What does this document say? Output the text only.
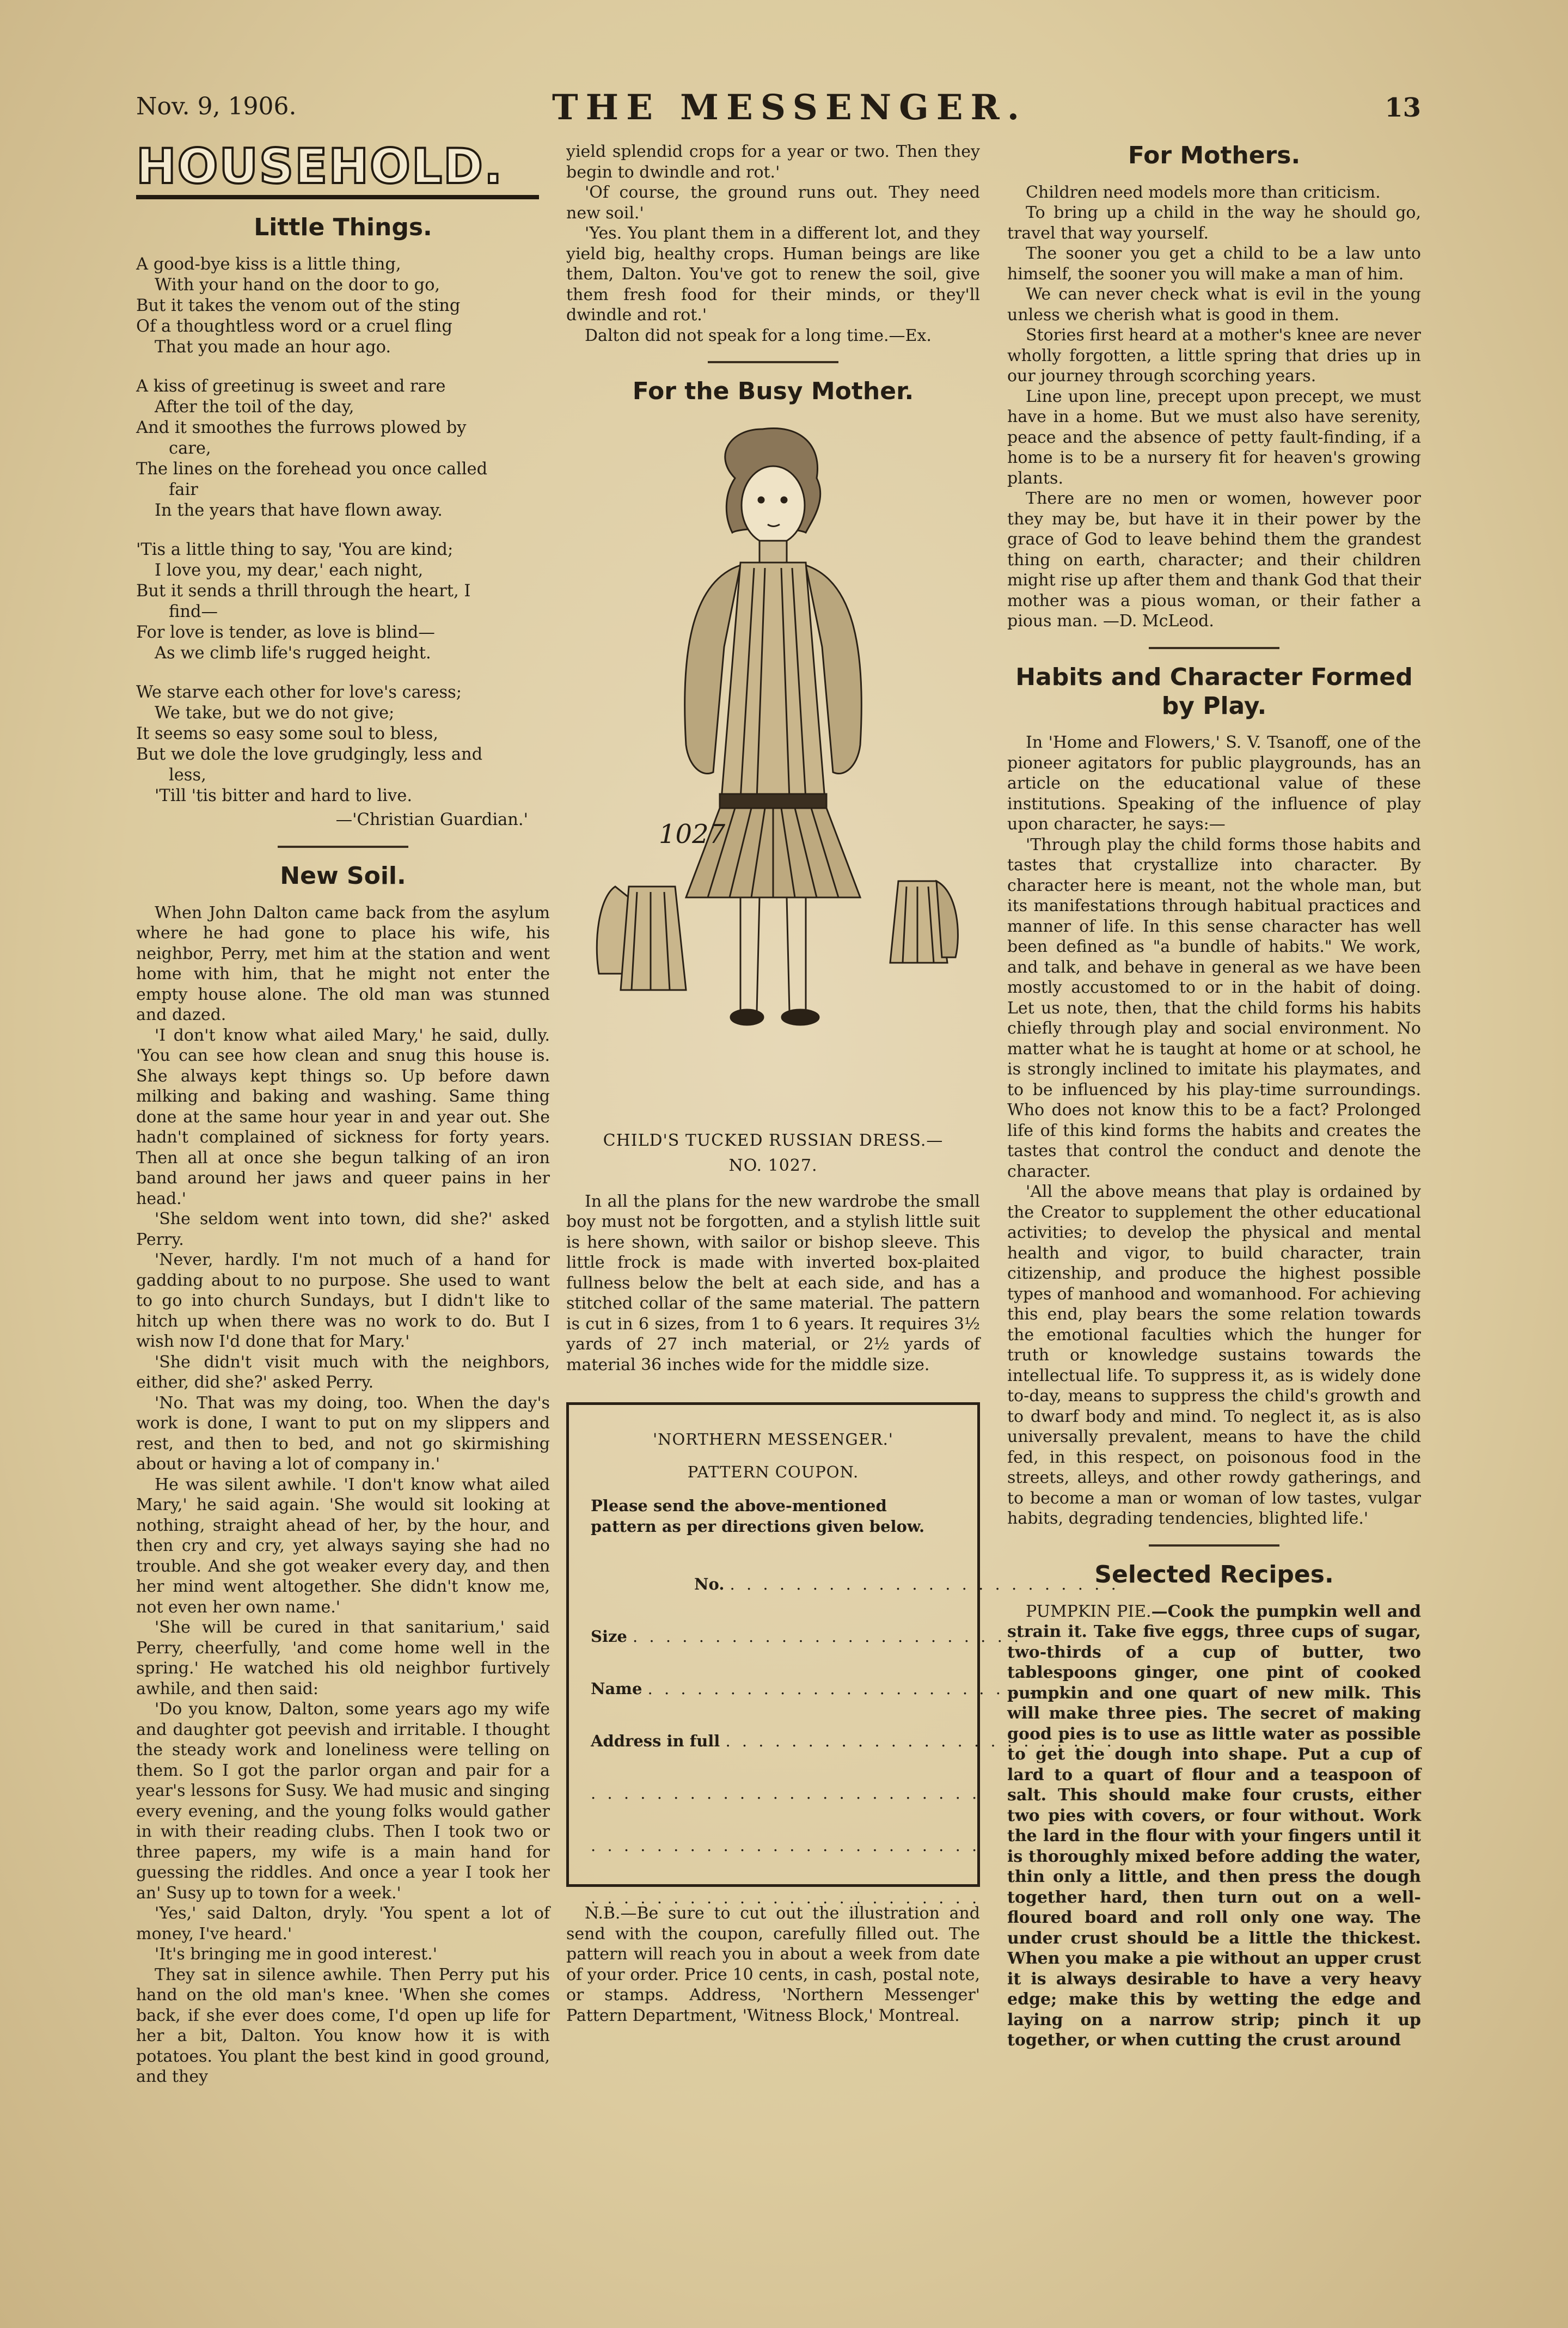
Nov. 9, 1906.	THE MESSENGER.	13
HOUSEHOLD.
Little Things.

A good-bye kiss is a little thing,

With your hand on the door to go,

But it takes the venom out of the sting

Of a thoughtless word or a cruel fling

That you made an hour ago.

A kiss of greetinug is sweet and rare

After the toil of the day,

And it smoothes the furrows plowed by

care,

The lines on the forehead you once called

fair

In the years that have flown away.

'Tis a little thing to say, 'You are kind;

I love you, my dear,' each night,

But it sends a thrill through the heart, I

find—

For love is tender, as love is blind—

As we climb life's rugged height.

We starve each other for love's caress;

We take, but we do not give;

It seems so easy some soul to bless,

But we dole the love grudgingly, less and

less,

'Till 'tis bitter and hard to live.

—'Christian Guardian.'

New Soil.

When John Dalton came back from the asylum where he had gone to place his wife, his neighbor, Perry, met him at the station and went home with him, that he might not enter the empty house alone. The old man was stunned and dazed.

'I don't know what ailed Mary,' he said, dully. 'You can see how clean and snug this house is. She always kept things so. Up before dawn milking and baking and washing. Same thing done at the same hour year in and year out. She hadn't complained of sickness for forty years. Then all at once she begun talking of an iron band around her jaws and queer pains in her head.'

'She seldom went into town, did she?' asked Perry.

'Never, hardly. I'm not much of a hand for gadding about to no purpose. She used to want to go into church Sundays, but I didn't like to hitch up when there was no work to do. But I wish now I'd done that for Mary.'

'She didn't visit much with the neighbors, either, did she?' asked Perry.

'No. That was my doing, too. When the day's work is done, I want to put on my slippers and rest, and then to bed, and not go skirmishing about or having a lot of company in.'

He was silent awhile. 'I don't know what ailed Mary,' he said again. 'She would sit looking at nothing, straight ahead of her, by the hour, and then cry and cry, yet always saying she had no trouble. And she got weaker every day, and then her mind went altogether. She didn't know me, not even her own name.'

'She will be cured in that sanitarium,' said Perry, cheerfully, 'and come home well in the spring.' He watched his old neighbor furtively awhile, and then said:

'Do you know, Dalton, some years ago my wife and daughter got peevish and irritable. I thought the steady work and loneliness were telling on them. So I got the parlor organ and pair for a year's lessons for Susy. We had music and singing every evening, and the young folks would gather in with their reading clubs. Then I took two or three papers, my wife is a main hand for guessing the riddles. And once a year I took her an' Susy up to town for a week.'

'Yes,' said Dalton, dryly. 'You spent a lot of money, I've heard.'

'It's bringing me in good interest.'

They sat in silence awhile. Then Perry put his hand on the old man's knee. 'When she comes back, if she ever does come, I'd open up life for her a bit, Dalton. You know how it is with potatoes. You plant the best kind in good ground, and they

yield splendid crops for a year or two. Then they begin to dwindle and rot.'

'Of course, the ground runs out. They need new soil.'

'Yes. You plant them in a different lot, and they yield big, healthy crops. Human beings are like them, Dalton. You've got to renew the soil, give them fresh food for their minds, or they'll dwindle and rot.'

Dalton did not speak for a long time.—Ex.

For the Busy Mother.
1027
CHILD'S TUCKED RUSSIAN DRESS.—
NO. 1027.

In all the plans for the new wardrobe the small boy must not be forgotten, and a stylish little suit is here shown, with sailor or bishop sleeve. This little frock is made with inverted box-plaited fullness below the belt at each side, and has a stitched collar of the same material. The pattern is cut in 6 sizes, from 1 to 6 years. It requires 3½ yards of 27 inch material, or 2½ yards of material 36 inches wide for the middle size.

'NORTHERN MESSENGER.'
PATTERN COUPON.
Please send the above-mentioned pattern as per directions given below.
No. . . . . . . . . . . . . . . . . . . . . . . . .
Size . . . . . . . . . . . . . . . . . . . . . . . .
Name . . . . . . . . . . . . . . . . . . . . . . . .
Address in full . . . . . . . . . . . . . . . . . . . . . . . .
. . . . . . . . . . . . . . . . . . . . . . . .
. . . . . . . . . . . . . . . . . . . . . . . .
. . . . . . . . . . . . . . . . . . . . . . . .

N.B.—Be sure to cut out the illustration and send with the coupon, carefully filled out. The pattern will reach you in about a week from date of your order. Price 10 cents, in cash, postal note, or stamps. Address, 'Northern Messenger' Pattern Department, 'Witness Block,' Montreal.

For Mothers.

Children need models more than criticism.

To bring up a child in the way he should go, travel that way yourself.

The sooner you get a child to be a law unto himself, the sooner you will make a man of him.

We can never check what is evil in the young unless we cherish what is good in them.

Stories first heard at a mother's knee are never wholly forgotten, a little spring that dries up in our journey through scorching years.

Line upon line, precept upon precept, we must have in a home. But we must also have serenity, peace and the absence of petty fault-finding, if a home is to be a nursery fit for heaven's growing plants.

There are no men or women, however poor they may be, but have it in their power by the grace of God to leave behind them the grandest thing on earth, character; and their children might rise up after them and thank God that their mother was a pious woman, or their father a pious man. —D. McLeod.

Habits and Character Formed by Play.

In 'Home and Flowers,' S. V. Tsanoff, one of the pioneer agitators for public playgrounds, has an article on the educational value of these institutions. Speaking of the influence of play upon character, he says:—

'Through play the child forms those habits and tastes that crystallize into character. By character here is meant, not the whole man, but its manifestations through habitual practices and manner of life. In this sense character has well been defined as "a bundle of habits." We work, and talk, and behave in general as we have been mostly accustomed to or in the habit of doing. Let us note, then, that the child forms his habits chiefly through play and social environment. No matter what he is taught at home or at school, he is strongly inclined to imitate his playmates, and to be influenced by his play-time surroundings. Who does not know this to be a fact? Prolonged life of this kind forms the habits and creates the tastes that control the conduct and denote the character.

'All the above means that play is ordained by the Creator to supplement the other educational activities; to develop the physical and mental health and vigor, to build character, train citizenship, and produce the highest possible types of manhood and womanhood. For achieving this end, play bears the some relation towards the emotional faculties which the hunger for truth or knowledge sustains towards the intellectual life. To suppress it, as is widely done to-day, means to suppress the child's growth and to dwarf body and mind. To neglect it, as is also universally prevalent, means to have the child fed, in this respect, on poisonous food in the streets, alleys, and other rowdy gatherings, and to become a man or woman of low tastes, vulgar habits, degrading tendencies, blighted life.'

Selected Recipes.

PUMPKIN PIE.—Cook the pumpkin well and strain it. Take five eggs, three cups of sugar, two-thirds of a cup of butter, two tablespoons ginger, one pint of cooked pumpkin and one quart of new milk. This will make three pies. The secret of making good pies is to use as little water as possible to get the dough into shape. Put a cup of lard to a quart of flour and a teaspoon of salt. This should make four crusts, either two pies with covers, or four without. Work the lard in the flour with your fingers until it is thoroughly mixed before adding the water, thin only a little, and then press the dough together hard, then turn out on a well-floured board and roll only one way. The under crust should be a little the thickest. When you make a pie without an upper crust it is always desirable to have a very heavy edge; make this by wetting the edge and laying on a narrow strip; pinch it up together, or when cutting the crust around
